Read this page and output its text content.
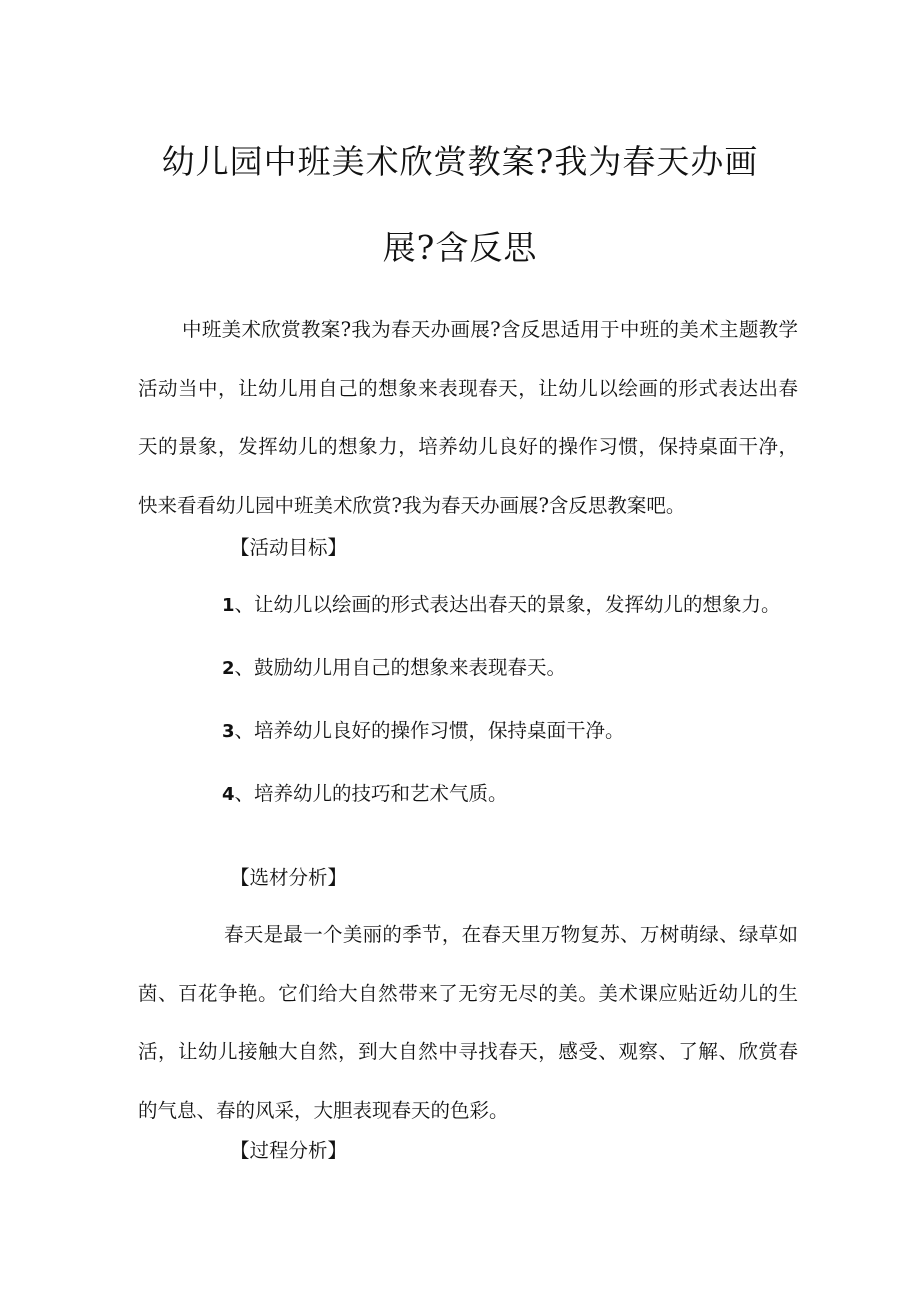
幼儿园中班美术欣赏教案?我为春天办画
展?含反思
中班美术欣赏教案?我为春天办画展?含反思适用于中班的美术主题教学活动当中，让幼儿用自己的想象来表现春天，让幼儿以绘画的形式表达出春天的景象，发挥幼儿的想象力，培养幼儿良好的操作习惯，保持桌面干净，快来看看幼儿园中班美术欣赏?我为春天办画展?含反思教案吧。
【活动目标】
1、让幼儿以绘画的形式表达出春天的景象，发挥幼儿的想象力。
2、鼓励幼儿用自己的想象来表现春天。
3、培养幼儿良好的操作习惯，保持桌面干净。
4、培养幼儿的技巧和艺术气质。
【选材分析】
春天是最一个美丽的季节，在春天里万物复苏、万树萌绿、绿草如茵、百花争艳。它们给大自然带来了无穷无尽的美。美术课应贴近幼儿的生活，让幼儿接触大自然，到大自然中寻找春天，感受、观察、了解、欣赏春的气息、春的风采，大胆表现春天的色彩。
【过程分析】
